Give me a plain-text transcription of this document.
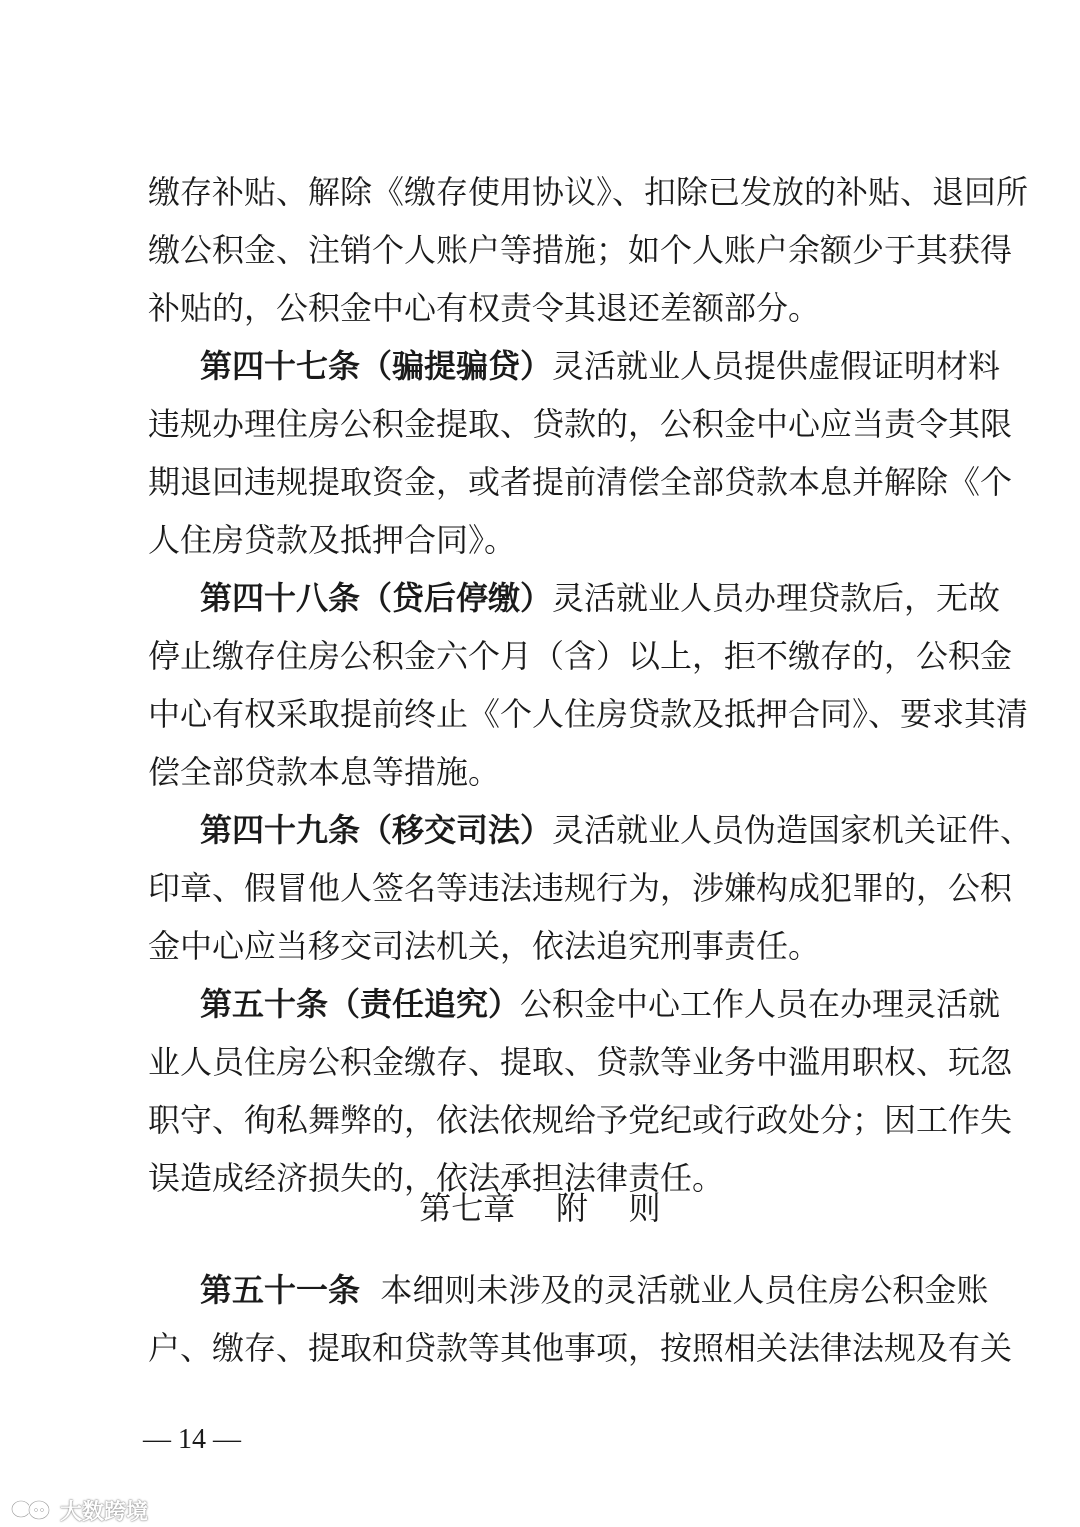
缴存补贴、解除《缴存使用协议》、扣除已发放的补贴、退回所
缴公积金、注销个人账户等措施；如个人账户余额少于其获得
补贴的，公积金中心有权责令其退还差额部分。
第四十七条（骗提骗贷）灵活就业人员提供虚假证明材料
违规办理住房公积金提取、贷款的，公积金中心应当责令其限
期退回违规提取资金，或者提前清偿全部贷款本息并解除《个
人住房贷款及抵押合同》。
第四十八条（贷后停缴）灵活就业人员办理贷款后，无故
停止缴存住房公积金六个月（含）以上，拒不缴存的，公积金
中心有权采取提前终止《个人住房贷款及抵押合同》、要求其清
偿全部贷款本息等措施。
第四十九条（移交司法）灵活就业人员伪造国家机关证件、
印章、假冒他人签名等违法违规行为，涉嫌构成犯罪的，公积
金中心应当移交司法机关，依法追究刑事责任。
第五十条（责任追究）公积金中心工作人员在办理灵活就
业人员住房公积金缴存、提取、贷款等业务中滥用职权、玩忽
职守、徇私舞弊的，依法依规给予党纪或行政处分；因工作失
误造成经济损失的，依法承担法律责任。
第七章    附    则
第五十一条  本细则未涉及的灵活就业人员住房公积金账
户、缴存、提取和贷款等其他事项，按照相关法律法规及有关
— 14 —
大数跨境
